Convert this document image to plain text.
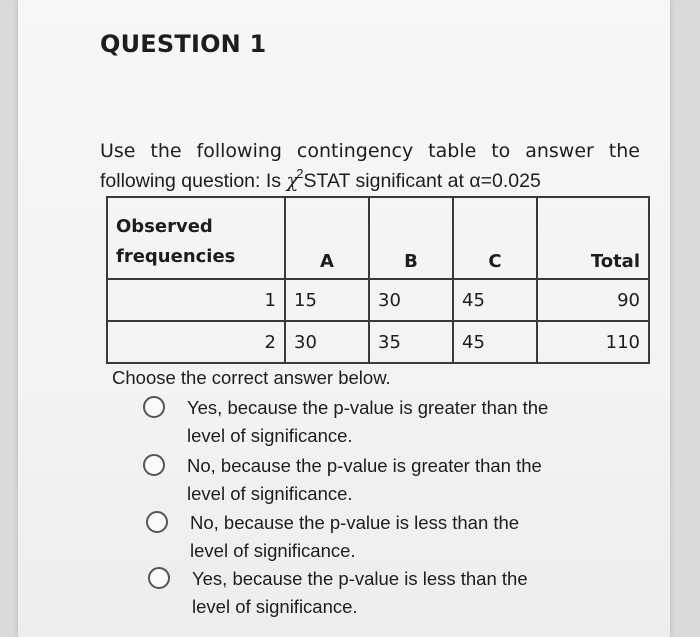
QUESTION 1
Use the following contingency table to answer the
following question: Is $\chi^2STAT$ significant at α=0.025
Observed
frequencies	A	B	C	Total
1	15	30	45	90
2	30	35	45	110
Choose the correct answer below.
Yes, because the p-value is greater than the
level of significance.
No, because the p-value is greater than the
level of significance.
No, because the p-value is less than the
level of significance.
Yes, because the p-value is less than the
level of significance.
